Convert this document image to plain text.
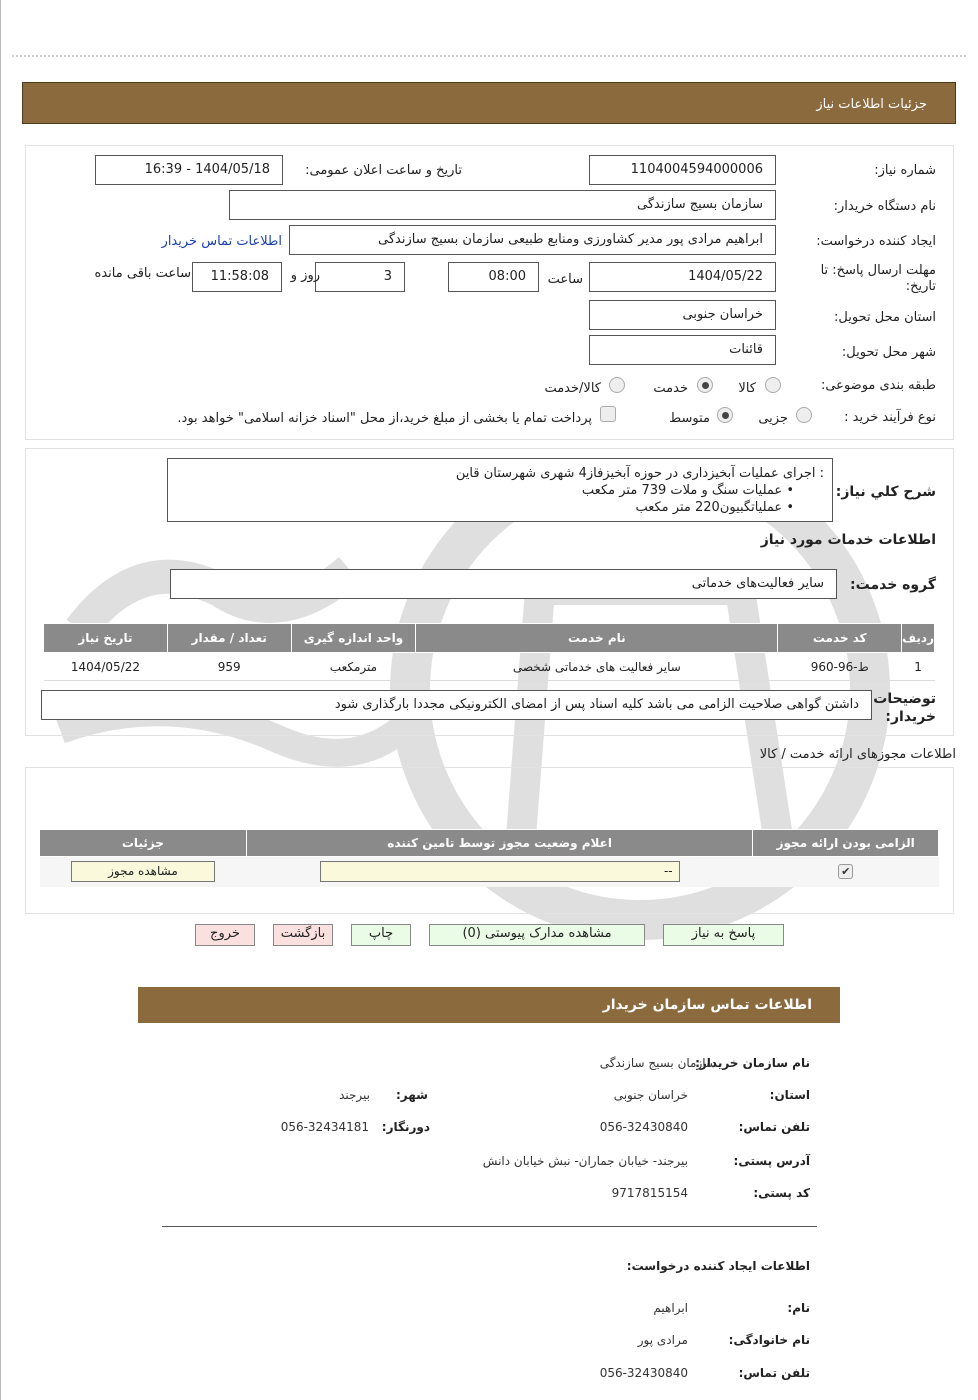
جزئیات اطلاعات نیاز
شماره نیاز:
1104004594000006
تاریخ و ساعت اعلان عمومی:
1404/05/18 - 16:39
نام دستگاه خریدار:
سازمان بسیج سازندگی
ایجاد کننده درخواست:
ابراهیم مرادی پور مدیر کشاورزی ومنابع طبیعی سازمان بسیج سازندگی
اطلاعات تماس خریدار
مهلت ارسال پاسخ: تا تاریخ:
1404/05/22
ساعت
08:00
3
روز و
11:58:08
ساعت باقی مانده
استان محل تحویل:
خراسان جنوبی
شهر محل تحویل:
قائنات
طبقه بندی موضوعی:
کالا
خدمت
کالا/خدمت
نوع فرآیند خرید :
جزیی
متوسط
پرداخت تمام یا بخشی از مبلغ خرید،از محل "اسناد خزانه اسلامی" خواهد بود.
شرح کلي نياز:
: اجرای عملیات آبخیزداری در حوزه آبخیزفاز4 شهری شهرستان قاین
• عملیات سنگ و ملات 739 متر مکعب
• عملیاتگبیون220 متر مکعب
اطلاعات خدمات مورد نیاز
گروه خدمت:
سایر فعالیت‌های خدماتی
ردیف	کد خدمت	نام خدمت	واحد اندازه گیری	تعداد / مقدار	تاریخ نیاز
1	ط-96-960	سایر فعالیت های خدماتی شخصی	مترمکعب	959	1404/05/22
توضیحات خریدار:
داشتن گواهی صلاحیت الزامی می باشد کلیه اسناد پس از امضای الکترونیکی مجددا بارگذاری شود
اطلاعات مجوزهای ارائه خدمت / کالا
الزامی بودن ارائه مجوز	اعلام وضعیت مجوز توسط تامین کننده	جزئیات
✔	--	مشاهده مجوز
پاسخ به نیاز
مشاهده مدارک پیوستی (0)
چاپ
بازگشت
خروج
اطلاعات تماس سازمان خریدار
نام سازمان خریدار:
سازمان بسیج سازندگی
استان:
خراسان جنوبی
شهر:
بیرجند
تلفن تماس:
056-32430840
دورنگار:
056-32434181
آدرس پستی:
بیرجند- خیابان جماران- نبش خیابان دانش
کد پستی:
9717815154
اطلاعات ایجاد کننده درخواست:
نام:
ابراهیم
نام خانوادگی:
مرادی پور
تلفن تماس:
056-32430840
